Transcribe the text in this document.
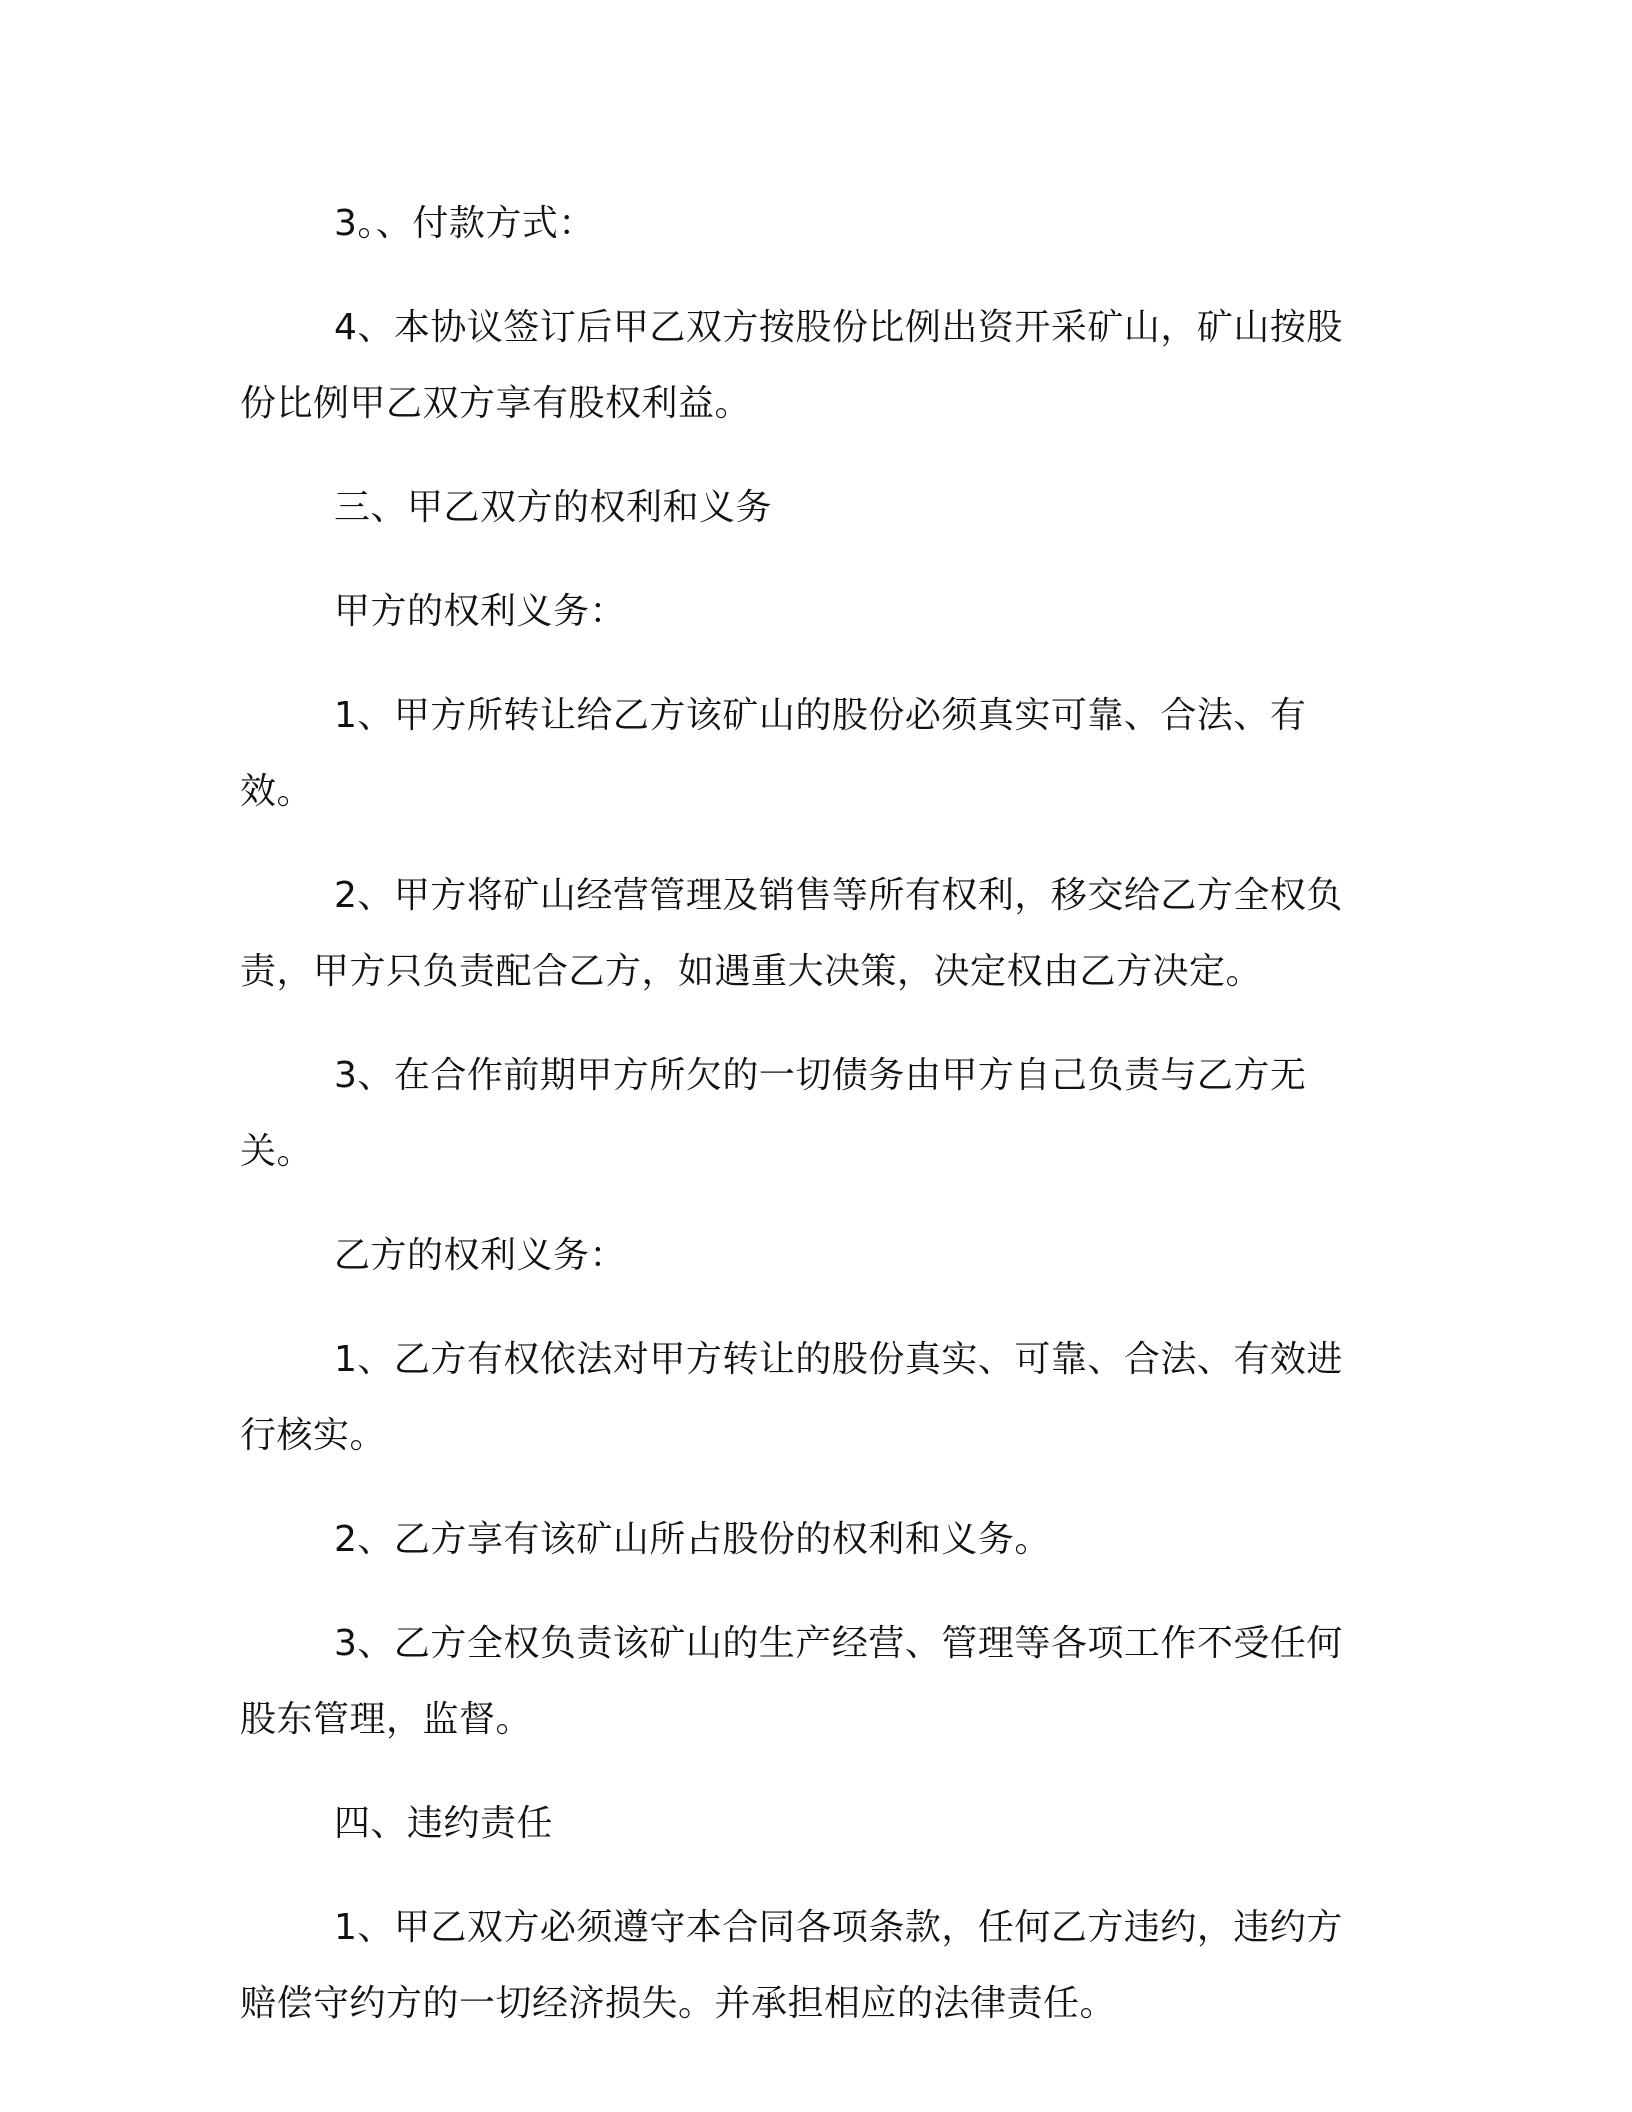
3。、付款方式：

4、本协议签订后甲乙双方按股份比例出资开采矿山，矿山按股
份比例甲乙双方享有股权利益。

三、甲乙双方的权利和义务

甲方的权利义务：

1、甲方所转让给乙方该矿山的股份必须真实可靠、合法、有效。

2、甲方将矿山经营管理及销售等所有权利，移交给乙方全权负
责，甲方只负责配合乙方，如遇重大决策，决定权由乙方决定。

3、在合作前期甲方所欠的一切债务由甲方自己负责与乙方无关。

乙方的权利义务：

1、乙方有权依法对甲方转让的股份真实、可靠、合法、有效进
行核实。

2、乙方享有该矿山所占股份的权利和义务。

3、乙方全权负责该矿山的生产经营、管理等各项工作不受任何
股东管理，监督。

四、违约责任

1、甲乙双方必须遵守本合同各项条款，任何乙方违约，违约方
赔偿守约方的一切经济损失。并承担相应的法律责任。
